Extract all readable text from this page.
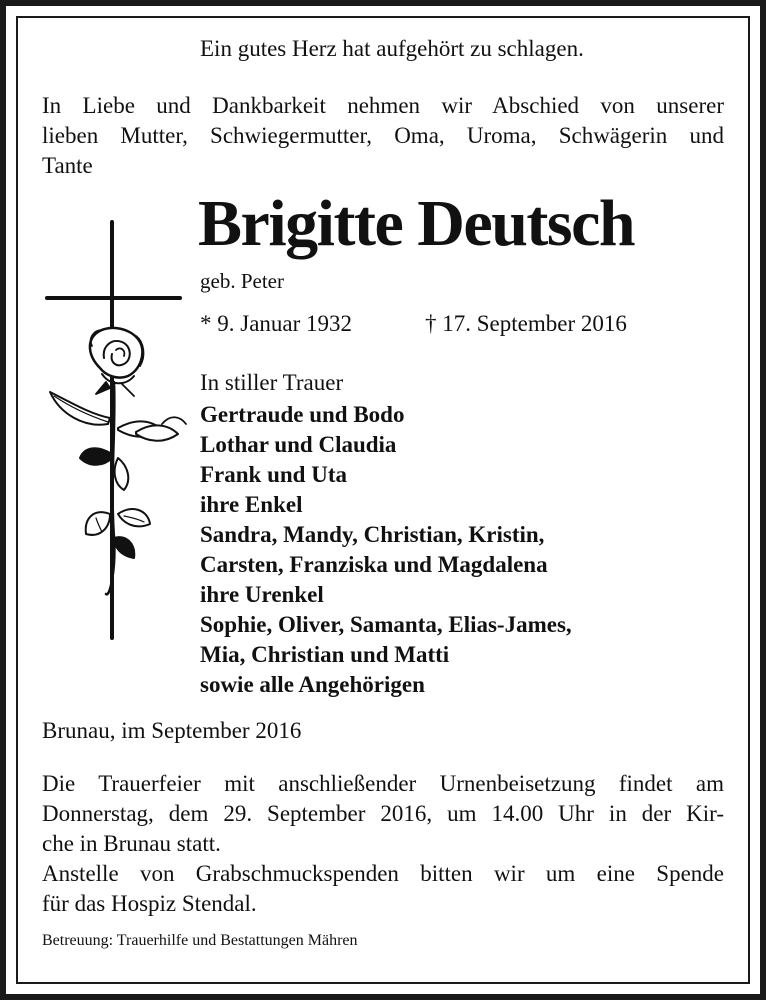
Ein gutes Herz hat aufgehört zu schlagen.

In Liebe und Dankbarkeit nehmen wir Abschied von unserer
lieben Mutter, Schwiegermutter, Oma, Uroma, Schwägerin und
Tante
Brigitte Deutsch

geb. Peter

* 9. Januar 1932	† 17. September 2016

In stiller Trauer

Gertraude und Bodo
Lothar und Claudia
Frank und Uta
ihre Enkel
Sandra, Mandy, Christian, Kristin,
Carsten, Franziska und Magdalena
ihre Urenkel
Sophie, Oliver, Samanta, Elias-James,
Mia, Christian und Matti
sowie alle Angehörigen

Brunau, im September 2016

Die Trauerfeier mit anschließender Urnenbeisetzung findet am
Donnerstag, dem 29. September 2016, um 14.00 Uhr in der Kir-
che in Brunau statt.
Anstelle von Grabschmuckspenden bitten wir um eine Spende
für das Hospiz Stendal.

Betreuung: Trauerhilfe und Bestattungen Mähren
